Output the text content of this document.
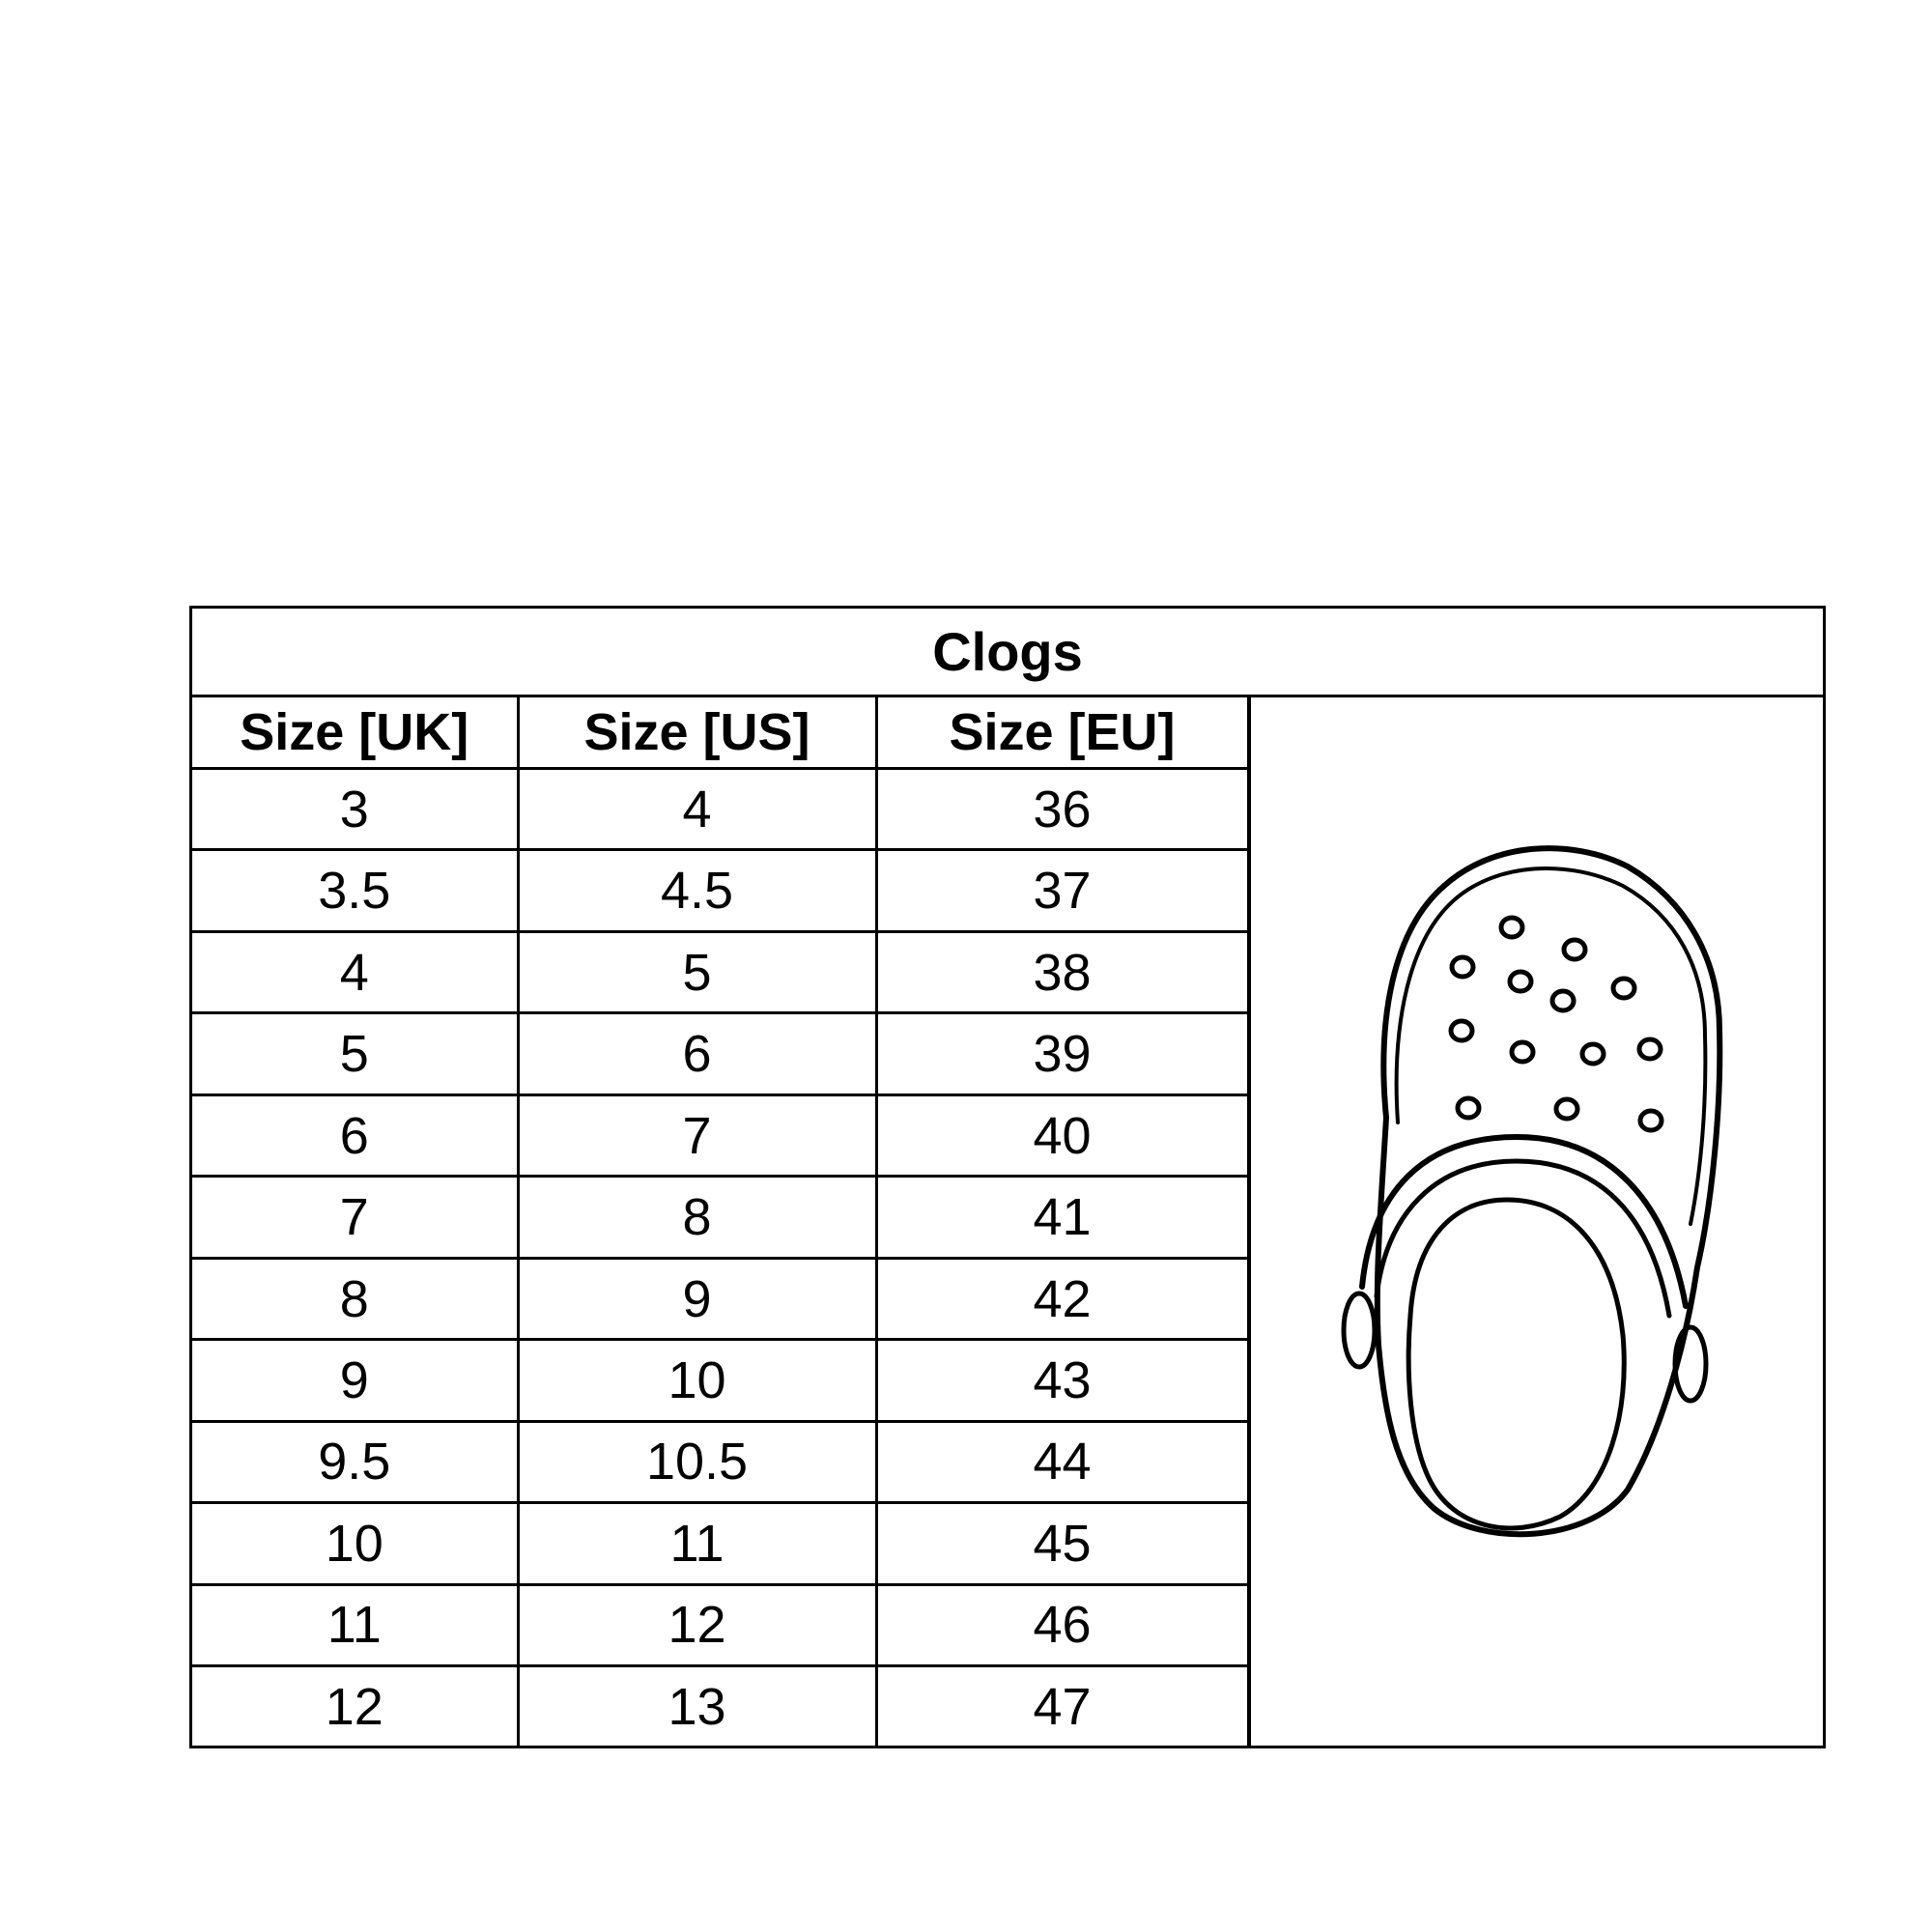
Clogs
Size [UK]	Size [US]	Size [EU]
3	4	36
3.5	4.5	37
4	5	38
5	6	39
6	7	40
7	8	41
8	9	42
9	10	43
9.5	10.5	44
10	11	45
11	12	46
12	13	47
